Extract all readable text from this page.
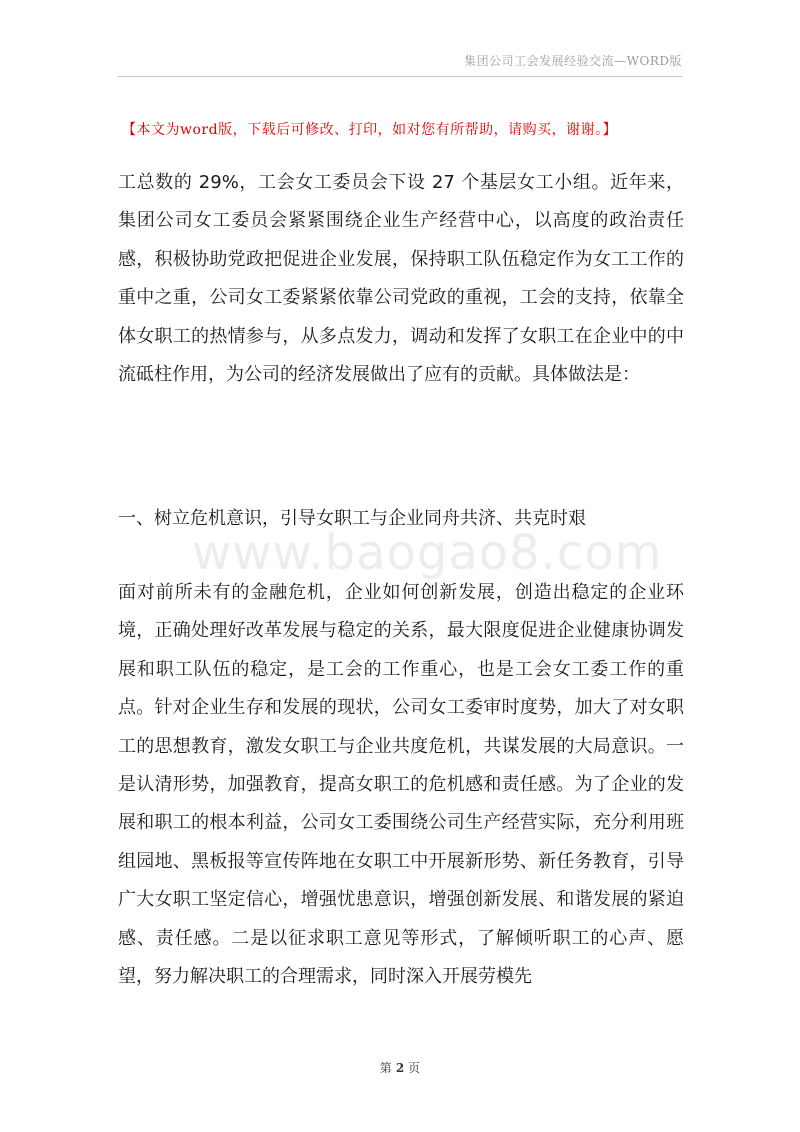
集团公司工会发展经验交流—WORD版
【本文为word版，下载后可修改、打印，如对您有所帮助，请购买，谢谢。】
www.baogao8.com

工总数的 29%，工会女工委员会下设 27 个基层女工小组。近年来，集团公司女工委员会紧紧围绕企业生产经营中心，以高度的政治责任感，积极协助党政把促进企业发展，保持职工队伍稳定作为女工工作的重中之重，公司女工委紧紧依靠公司党政的重视，工会的支持，依靠全体女职工的热情参与，从多点发力，调动和发挥了女职工在企业中的中流砥柱作用，为公司的经济发展做出了应有的贡献。具体做法是：

一、树立危机意识，引导女职工与企业同舟共济、共克时艰

面对前所未有的金融危机，企业如何创新发展，创造出稳定的企业环境，正确处理好改革发展与稳定的关系，最大限度促进企业健康协调发展和职工队伍的稳定，是工会的工作重心，也是工会女工委工作的重点。针对企业生存和发展的现状，公司女工委审时度势，加大了对女职工的思想教育，激发女职工与企业共度危机，共谋发展的大局意识。一是认清形势，加强教育，提高女职工的危机感和责任感。为了企业的发展和职工的根本利益，公司女工委围绕公司生产经营实际，充分利用班组园地、黑板报等宣传阵地在女职工中开展新形势、新任务教育，引导广大女职工坚定信心，增强忧患意识，增强创新发展、和谐发展的紧迫感、责任感。二是以征求职工意见等形式，了解倾听职工的心声、愿望，努力解决职工的合理需求，同时深入开展劳模先

第 2 页
